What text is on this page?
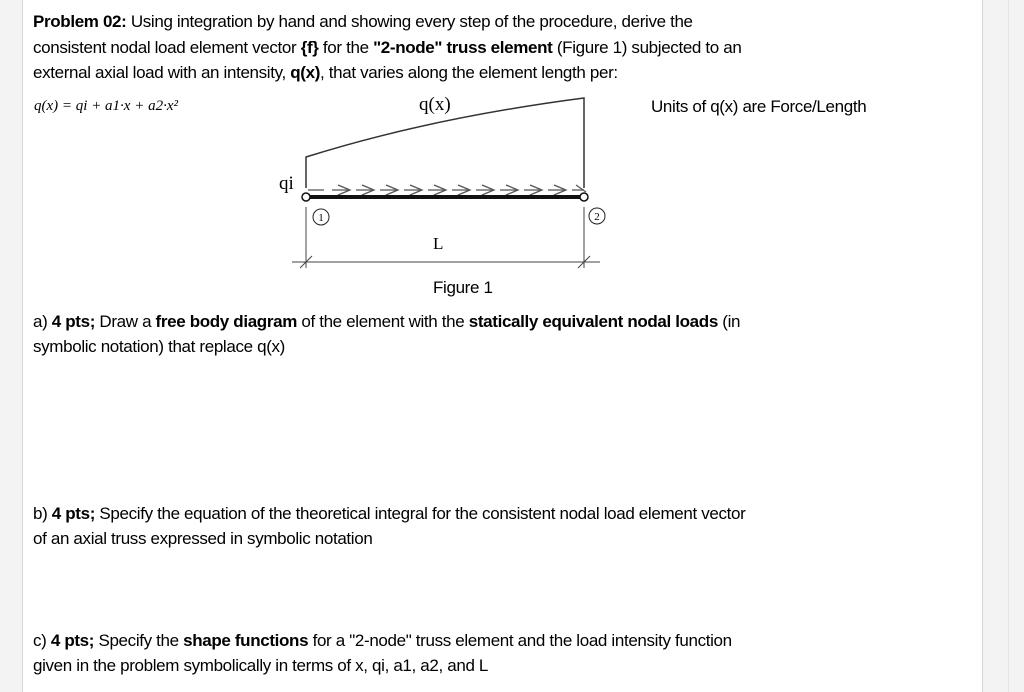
Problem 02: Using integration by hand and showing every step of the procedure, derive the
consistent nodal load element vector {f} for the "2-node" truss element (Figure 1) subjected to an
external axial load with an intensity, q(x), that varies along the element length per:
q(x) = qi + a1·x + a2·x²	Units of q(x) are Force/Length
1	2
q(x)
qi
L
Figure 1
a) 4 pts; Draw a free body diagram of the element with the statically equivalent nodal loads (in
symbolic notation) that replace q(x)
b) 4 pts; Specify the equation of the theoretical integral for the consistent nodal load element vector
of an axial truss expressed in symbolic notation
c) 4 pts; Specify the shape functions for a "2-node" truss element and the load intensity function
given in the problem symbolically in terms of x, qi, a1, a2, and L
